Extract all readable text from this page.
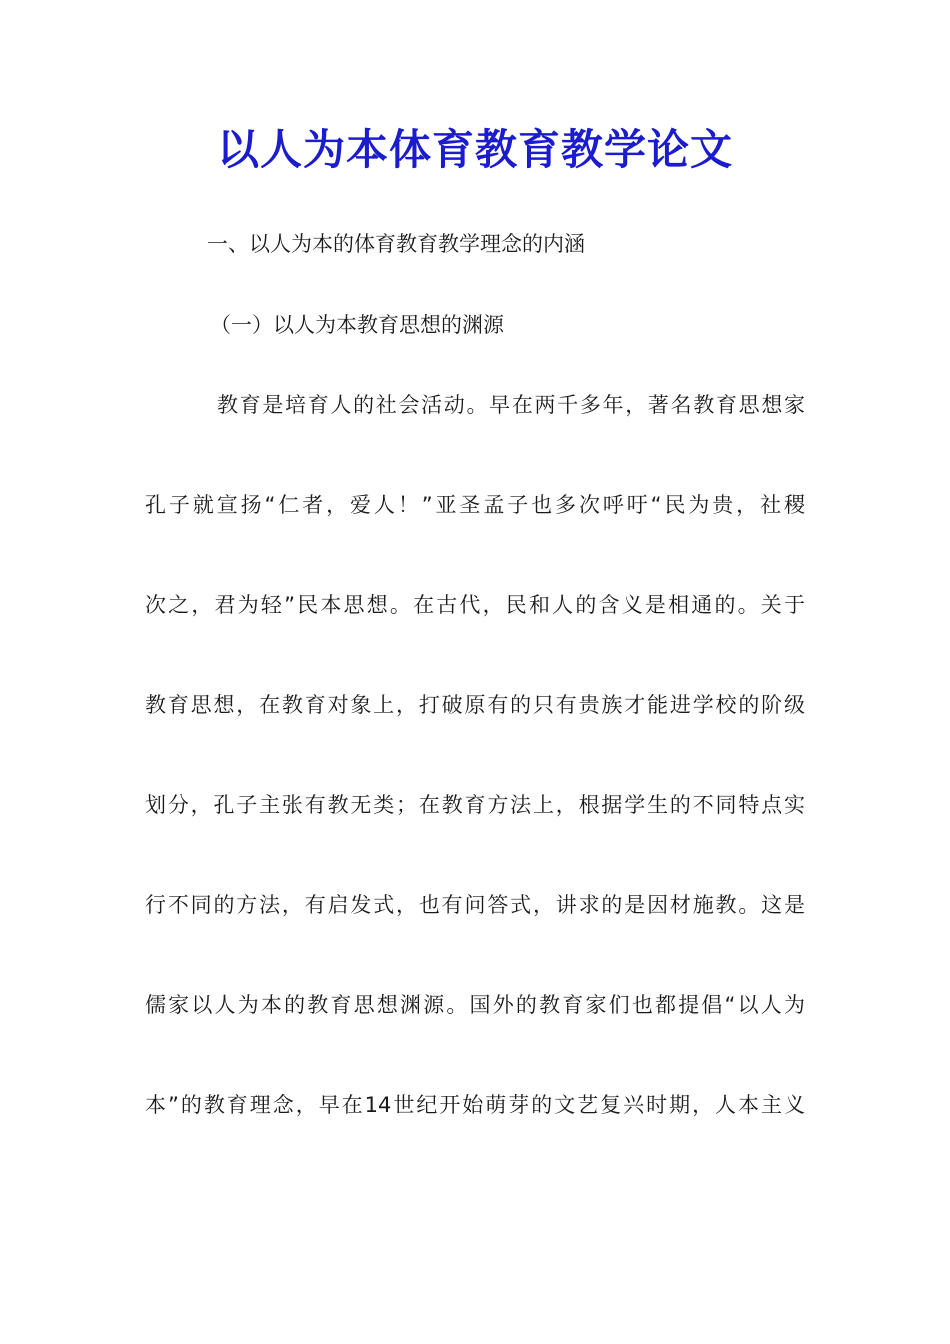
以人为本体育教育教学论文

一、以人为本的体育教育教学理念的内涵

（一）以人为本教育思想的渊源

教育是培育人的社会活动。早在两千多年，著名教育思想家
孔子就宣扬“仁者，爱人！”亚圣孟子也多次呼吁“民为贵，社稷
次之，君为轻”民本思想。在古代，民和人的含义是相通的。关于
教育思想，在教育对象上，打破原有的只有贵族才能进学校的阶级
划分，孔子主张有教无类；在教育方法上，根据学生的不同特点实
行不同的方法，有启发式，也有问答式，讲求的是因材施教。这是
儒家以人为本的教育思想渊源。国外的教育家们也都提倡“以人为
本”的教育理念，早在14世纪开始萌芽的文艺复兴时期，人本主义
